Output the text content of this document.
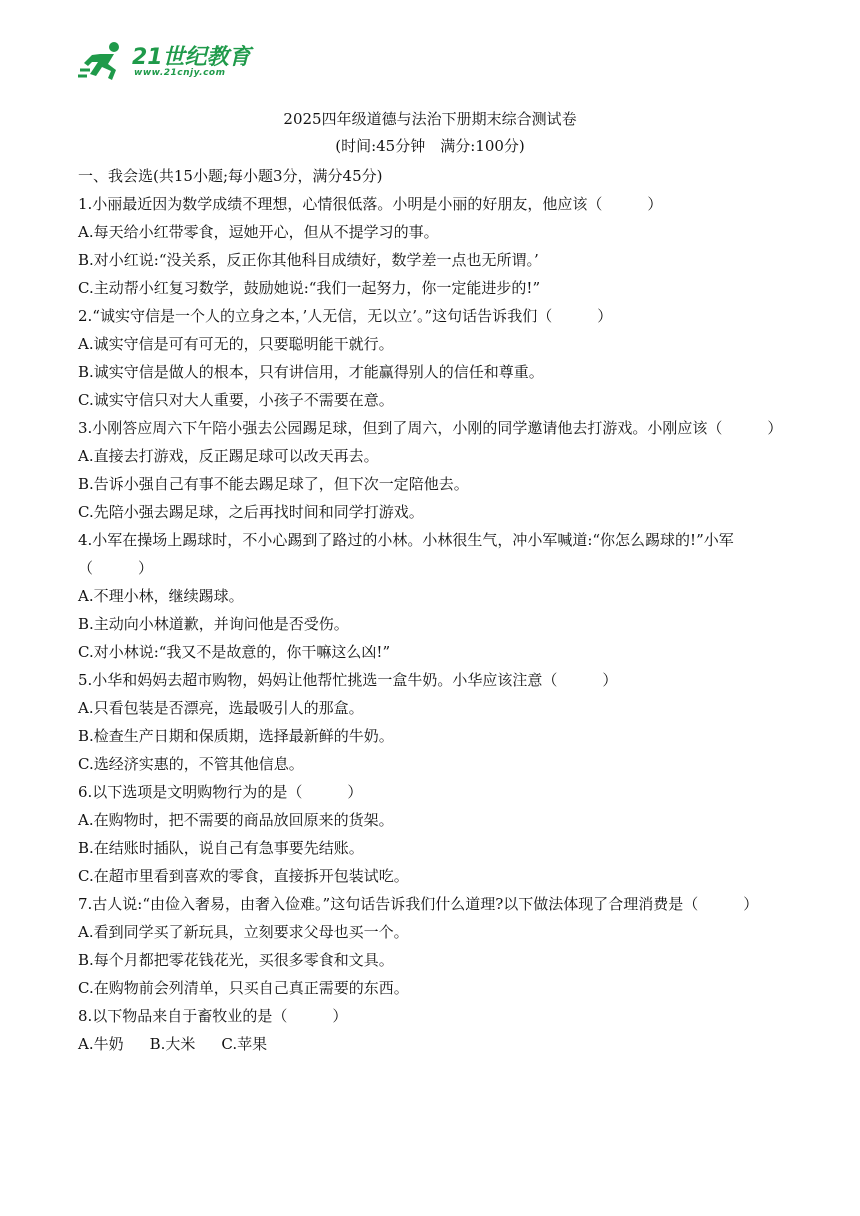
21世纪教育
www.21cnjy.com
2025四年级道德与法治下册期末综合测试卷
(时间:45分钟　满分:100分)
一、我会选(共15小题;每小题3分，满分45分)
1.小丽最近因为数学成绩不理想，心情很低落。小明是小丽的好朋友，他应该（　　　）
A.每天给小红带零食，逗她开心，但从不提学习的事。
B.对小红说:“没关系，反正你其他科目成绩好，数学差一点也无所谓。’
C.主动帮小红复习数学，鼓励她说:“我们一起努力，你一定能进步的!”
2.“诚实守信是一个人的立身之本，’人无信，无以立’。”这句话告诉我们（　　　）
A.诚实守信是可有可无的，只要聪明能干就行。
B.诚实守信是做人的根本，只有讲信用，才能赢得别人的信任和尊重。
C.诚实守信只对大人重要，小孩子不需要在意。
3.小刚答应周六下午陪小强去公园踢足球，但到了周六，小刚的同学邀请他去打游戏。小刚应该（　　　）
A.直接去打游戏，反正踢足球可以改天再去。
B.告诉小强自己有事不能去踢足球了，但下次一定陪他去。
C.先陪小强去踢足球，之后再找时间和同学打游戏。
4.小军在操场上踢球时，不小心踢到了路过的小林。小林很生气，冲小军喊道:“你怎么踢球的!”小军（　　　）
A.不理小林，继续踢球。
B.主动向小林道歉，并询问他是否受伤。
C.对小林说:“我又不是故意的，你干嘛这么凶!”
5.小华和妈妈去超市购物，妈妈让他帮忙挑选一盒牛奶。小华应该注意（　　　）
A.只看包装是否漂亮，选最吸引人的那盒。
B.检查生产日期和保质期，选择最新鲜的牛奶。
C.选经济实惠的，不管其他信息。
6.以下选项是文明购物行为的是（　　　）
A.在购物时，把不需要的商品放回原来的货架。
B.在结账时插队，说自己有急事要先结账。
C.在超市里看到喜欢的零食，直接拆开包装试吃。
7.古人说:“由俭入奢易，由奢入俭难。”这句话告诉我们什么道理?以下做法体现了合理消费是（　　　）
A.看到同学买了新玩具，立刻要求父母也买一个。
B.每个月都把零花钱花光，买很多零食和文具。
C.在购物前会列清单，只买自己真正需要的东西。
8.以下物品来自于畜牧业的是（　　　）
A.牛奶 B.大米 C.苹果
